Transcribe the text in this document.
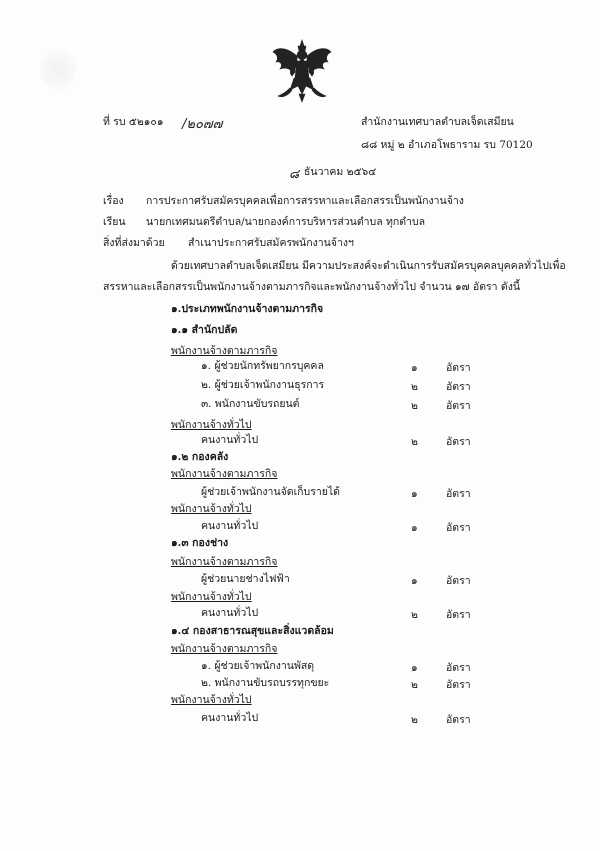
ที่ รบ ๕๒๑๐๑ /๒๐๗๗	สำนักงานเทศบาลตำบลเจ็ดเสมียน
๘๘ หมู่ ๒ อำเภอโพธาราม รบ 70120
๘ ธันวาคม ๒๕๖๔
เรื่อง การประกาศรับสมัครบุคคลเพื่อการสรรหาและเลือกสรรเป็นพนักงานจ้าง
เรียน นายกเทศมนตรีตำบล/นายกองค์การบริหารส่วนตำบล ทุกตำบล
สิ่งที่ส่งมาด้วย สำเนาประกาศรับสมัครพนักงานจ้างฯ
ด้วยเทศบาลตำบลเจ็ดเสมียน มีความประสงค์จะดำเนินการรับสมัครบุคคลบุคคลทั่วไปเพื่อ
สรรหาและเลือกสรรเป็นพนักงานจ้างตามภารกิจและพนักงานจ้างทั่วไป จำนวน ๑๗ อัตรา ดังนี้
๑.ประเภทพนักงานจ้างตามภารกิจ
๑.๑ สำนักปลัด
พนักงานจ้างตามภารกิจ
๑. ผู้ช่วยนักทรัพยากรบุคคล	๑	อัตรา
๒. ผู้ช่วยเจ้าพนักงานธุรการ	๒	อัตรา
๓. พนักงานขับรถยนต์	๒	อัตรา
พนักงานจ้างทั่วไป
คนงานทั่วไป	๒	อัตรา
๑.๒ กองคลัง
พนักงานจ้างตามภารกิจ
ผู้ช่วยเจ้าพนักงานจัดเก็บรายได้	๑	อัตรา
พนักงานจ้างทั่วไป
คนงานทั่วไป	๑	อัตรา
๑.๓ กองช่าง
พนักงานจ้างตามภารกิจ
ผู้ช่วยนายช่างไฟฟ้า	๑	อัตรา
พนักงานจ้างทั่วไป
คนงานทั่วไป	๒	อัตรา
๑.๔ กองสาธารณสุขและสิ่งแวดล้อม
พนักงานจ้างตามภารกิจ
๑. ผู้ช่วยเจ้าพนักงานพัสดุ	๑	อัตรา
๒. พนักงานขับรถบรรทุกขยะ	๒	อัตรา
พนักงานจ้างทั่วไป
คนงานทั่วไป	๒	อัตรา
